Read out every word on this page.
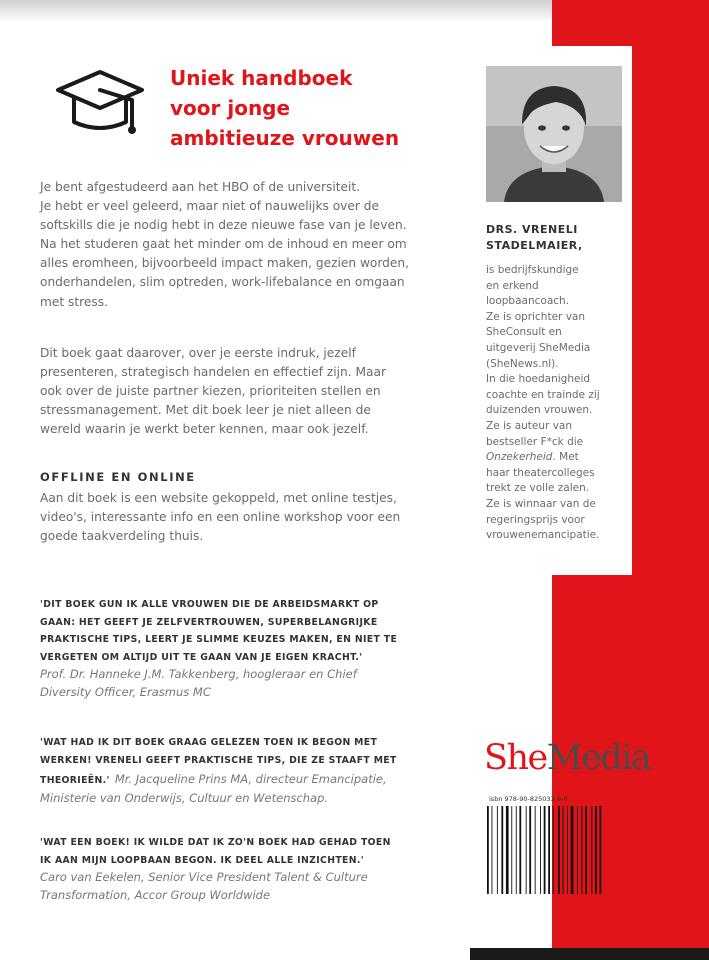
Uniek handboek
voor jonge
ambitieuze vrouwen

Je bent afgestudeerd aan het HBO of de universiteit.
Je hebt er veel geleerd, maar niet of nauwelijks over de
softskills die je nodig hebt in deze nieuwe fase van je leven.
Na het studeren gaat het minder om de inhoud en meer om
alles eromheen, bijvoorbeeld impact maken, gezien worden,
onderhandelen, slim optreden, work-lifebalance en omgaan
met stress.

Dit boek gaat daarover, over je eerste indruk, jezelf
presenteren, strategisch handelen en effectief zijn. Maar
ook over de juiste partner kiezen, prioriteiten stellen en
stressmanagement. Met dit boek leer je niet alleen de
wereld waarin je werkt beter kennen, maar ook jezelf.

OFFLINE EN ONLINE

Aan dit boek is een website gekoppeld, met online testjes,
video's, interessante info en een online workshop voor een
goede taakverdeling thuis.

'DIT BOEK GUN IK ALLE VROUWEN DIE DE ARBEIDSMARKT OP
GAAN: HET GEEFT JE ZELFVERTROUWEN, SUPERBELANGRIJKE
PRAKTISCHE TIPS, LEERT JE SLIMME KEUZES MAKEN, EN NIET TE
VERGETEN OM ALTIJD UIT TE GAAN VAN JE EIGEN KRACHT.'
Prof. Dr. Hanneke J.M. Takkenberg, hoogleraar en Chief
Diversity Officer, Erasmus MC
'WAT HAD IK DIT BOEK GRAAG GELEZEN TOEN IK BEGON MET
WERKEN! VRENELI GEEFT PRAKTISCHE TIPS, DIE ZE STAAFT MET
THEORIEËN.' Mr. Jacqueline Prins MA, directeur Emancipatie,
Ministerie van Onderwijs, Cultuur en Wetenschap.
'WAT EEN BOEK! IK WILDE DAT IK ZO'N BOEK HAD GEHAD TOEN
IK AAN MIJN LOOPBAAN BEGON. IK DEEL ALLE INZICHTEN.'
Caro van Eekelen, Senior Vice President Talent & Culture
Transformation, Accor Group Worldwide

DRS. VRENELI
STADELMAIER,

is bedrijfskundige
en erkend
loopbaancoach.
Ze is oprichter van
SheConsult en
uitgeverij SheMedia
(SheNews.nl).
In die hoedanigheid
coachte en trainde zij
duizenden vrouwen.
Ze is auteur van
bestseller F*ck die
Onzekerheid. Met
haar theatercolleges
trekt ze volle zalen.
Ze is winnaar van de
regeringsprijs voor
vrouwenemancipatie.

SheMedia

isbn 978-90-825033-8-8
